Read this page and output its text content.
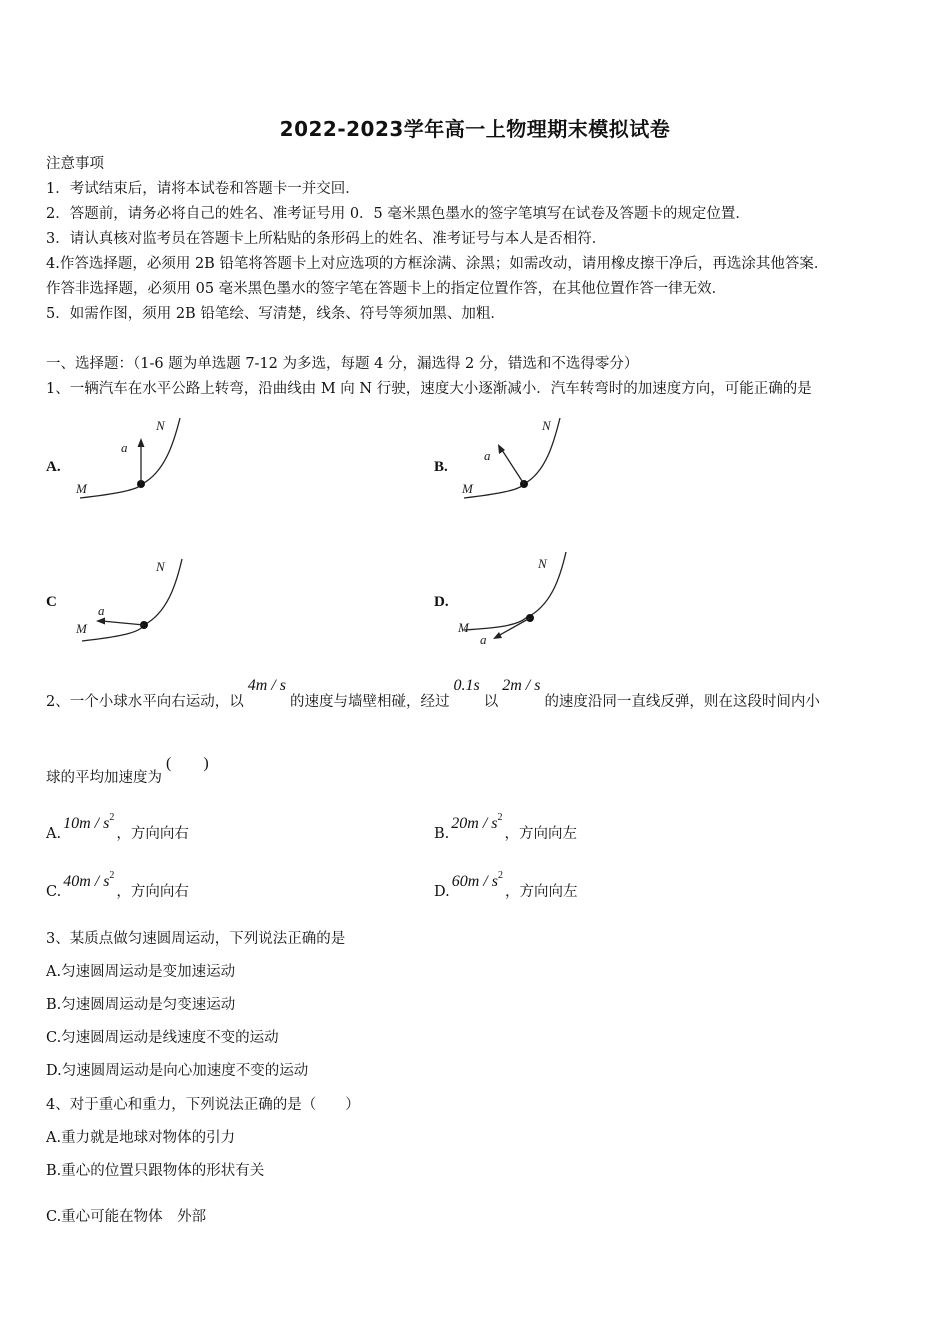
2022-2023学年高一上物理期末模拟试卷
注意事项
1．考试结束后，请将本试卷和答题卡一并交回．
2．答题前，请务必将自己的姓名、准考证号用 0．5 毫米黑色墨水的签字笔填写在试卷及答题卡的规定位置．
3．请认真核对监考员在答题卡上所粘贴的条形码上的姓名、准考证号与本人是否相符．
4.作答选择题，必须用 2B 铅笔将答题卡上对应选项的方框涂满、涂黑；如需改动，请用橡皮擦干净后，再选涂其他答案．
作答非选择题，必须用 05 毫米黑色墨水的签字笔在答题卡上的指定位置作答，在其他位置作答一律无效．
5．如需作图，须用 2B 铅笔绘、写清楚，线条、符号等须加黑、加粗．
一、选择题：（1-6 题为单选题 7-12 为多选，每题 4 分，漏选得 2 分，错选和不选得零分）
1、一辆汽车在水平公路上转弯，沿曲线由 M 向 N 行驶，速度大小逐渐减小．汽车转弯时的加速度方向，可能正确的是
A.
a
M
N
B.
a
M
N
C
a
M
N
D.
a
M
N
2、一个小球水平向右运动，以4m / s的速度与墙壁相碰，经过0.1s以2m / s的速度沿同一直线反弹，则在这段时间内小
球的平均加速度为(　　)
$A.10m / s^2$，方向向右	$B.20m / s^2$，方向向左
$C.40m / s^2$，方向向右	$D.60m / s^2$，方向向左
3、某质点做匀速圆周运动，下列说法正确的是
A.匀速圆周运动是变加速运动
B.匀速圆周运动是匀变速运动
C.匀速圆周运动是线速度不变的运动
D.匀速圆周运动是向心加速度不变的运动
4、对于重心和重力，下列说法正确的是（　　）
A.重力就是地球对物体的引力
B.重心的位置只跟物体的形状有关
C.重心可能在物体　外部
